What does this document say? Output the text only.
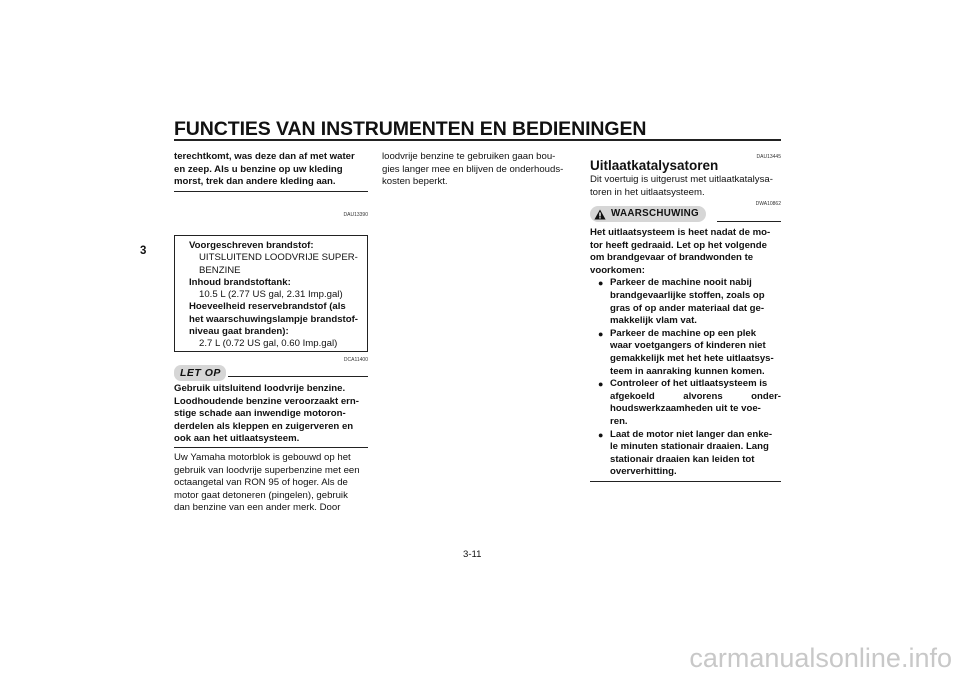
FUNCTIES VAN INSTRUMENTEN EN BEDIENINGEN
3
terechtkomt, was deze dan af met water
en zeep. Als u benzine op uw kleding
morst, trek dan andere kleding aan.
DAU13390
Voorgeschreven brandstof:
UITSLUITEND LOODVRIJE SUPER-
BENZINE
Inhoud brandstoftank:
10.5 L (2.77 US gal, 2.31 Imp.gal)
Hoeveelheid reservebrandstof (als
het waarschuwingslampje brandstof-
niveau gaat branden):
2.7 L (0.72 US gal, 0.60 Imp.gal)
DCA11400
LET OP
Gebruik uitsluitend loodvrije benzine.
Loodhoudende benzine veroorzaakt ern-
stige schade aan inwendige motoron-
derdelen als kleppen en zuigerveren en
ook aan het uitlaatsysteem.
Uw Yamaha motorblok is gebouwd op het
gebruik van loodvrije superbenzine met een
octaangetal van RON 95 of hoger. Als de
motor gaat detoneren (pingelen), gebruik
dan benzine van een ander merk. Door
loodvrije benzine te gebruiken gaan bou-
gies langer mee en blijven de onderhouds-
kosten beperkt.
DAU13445
Uitlaatkatalysatoren
Dit voertuig is uitgerust met uitlaatkatalysa-
toren in het uitlaatsysteem.
DWA10862
WAARSCHUWING
Het uitlaatsysteem is heet nadat de mo-
tor heeft gedraaid. Let op het volgende
om brandgevaar of brandwonden te
voorkomen:
● Parkeer de machine nooit nabij
brandgevaarlijke stoffen, zoals op
gras of op ander materiaal dat ge-
makkelijk vlam vat.
● Parkeer de machine op een plek
waar voetgangers of kinderen niet
gemakkelijk met het hete uitlaatsys-
teem in aanraking kunnen komen.
● Controleer of het uitlaatsysteem is
afgekoeld alvorens onder-
houdswerkzaamheden uit te voe-
ren.
● Laat de motor niet langer dan enke-
le minuten stationair draaien. Lang
stationair draaien kan leiden tot
oververhitting.
3-11
carmanualsonline.info
